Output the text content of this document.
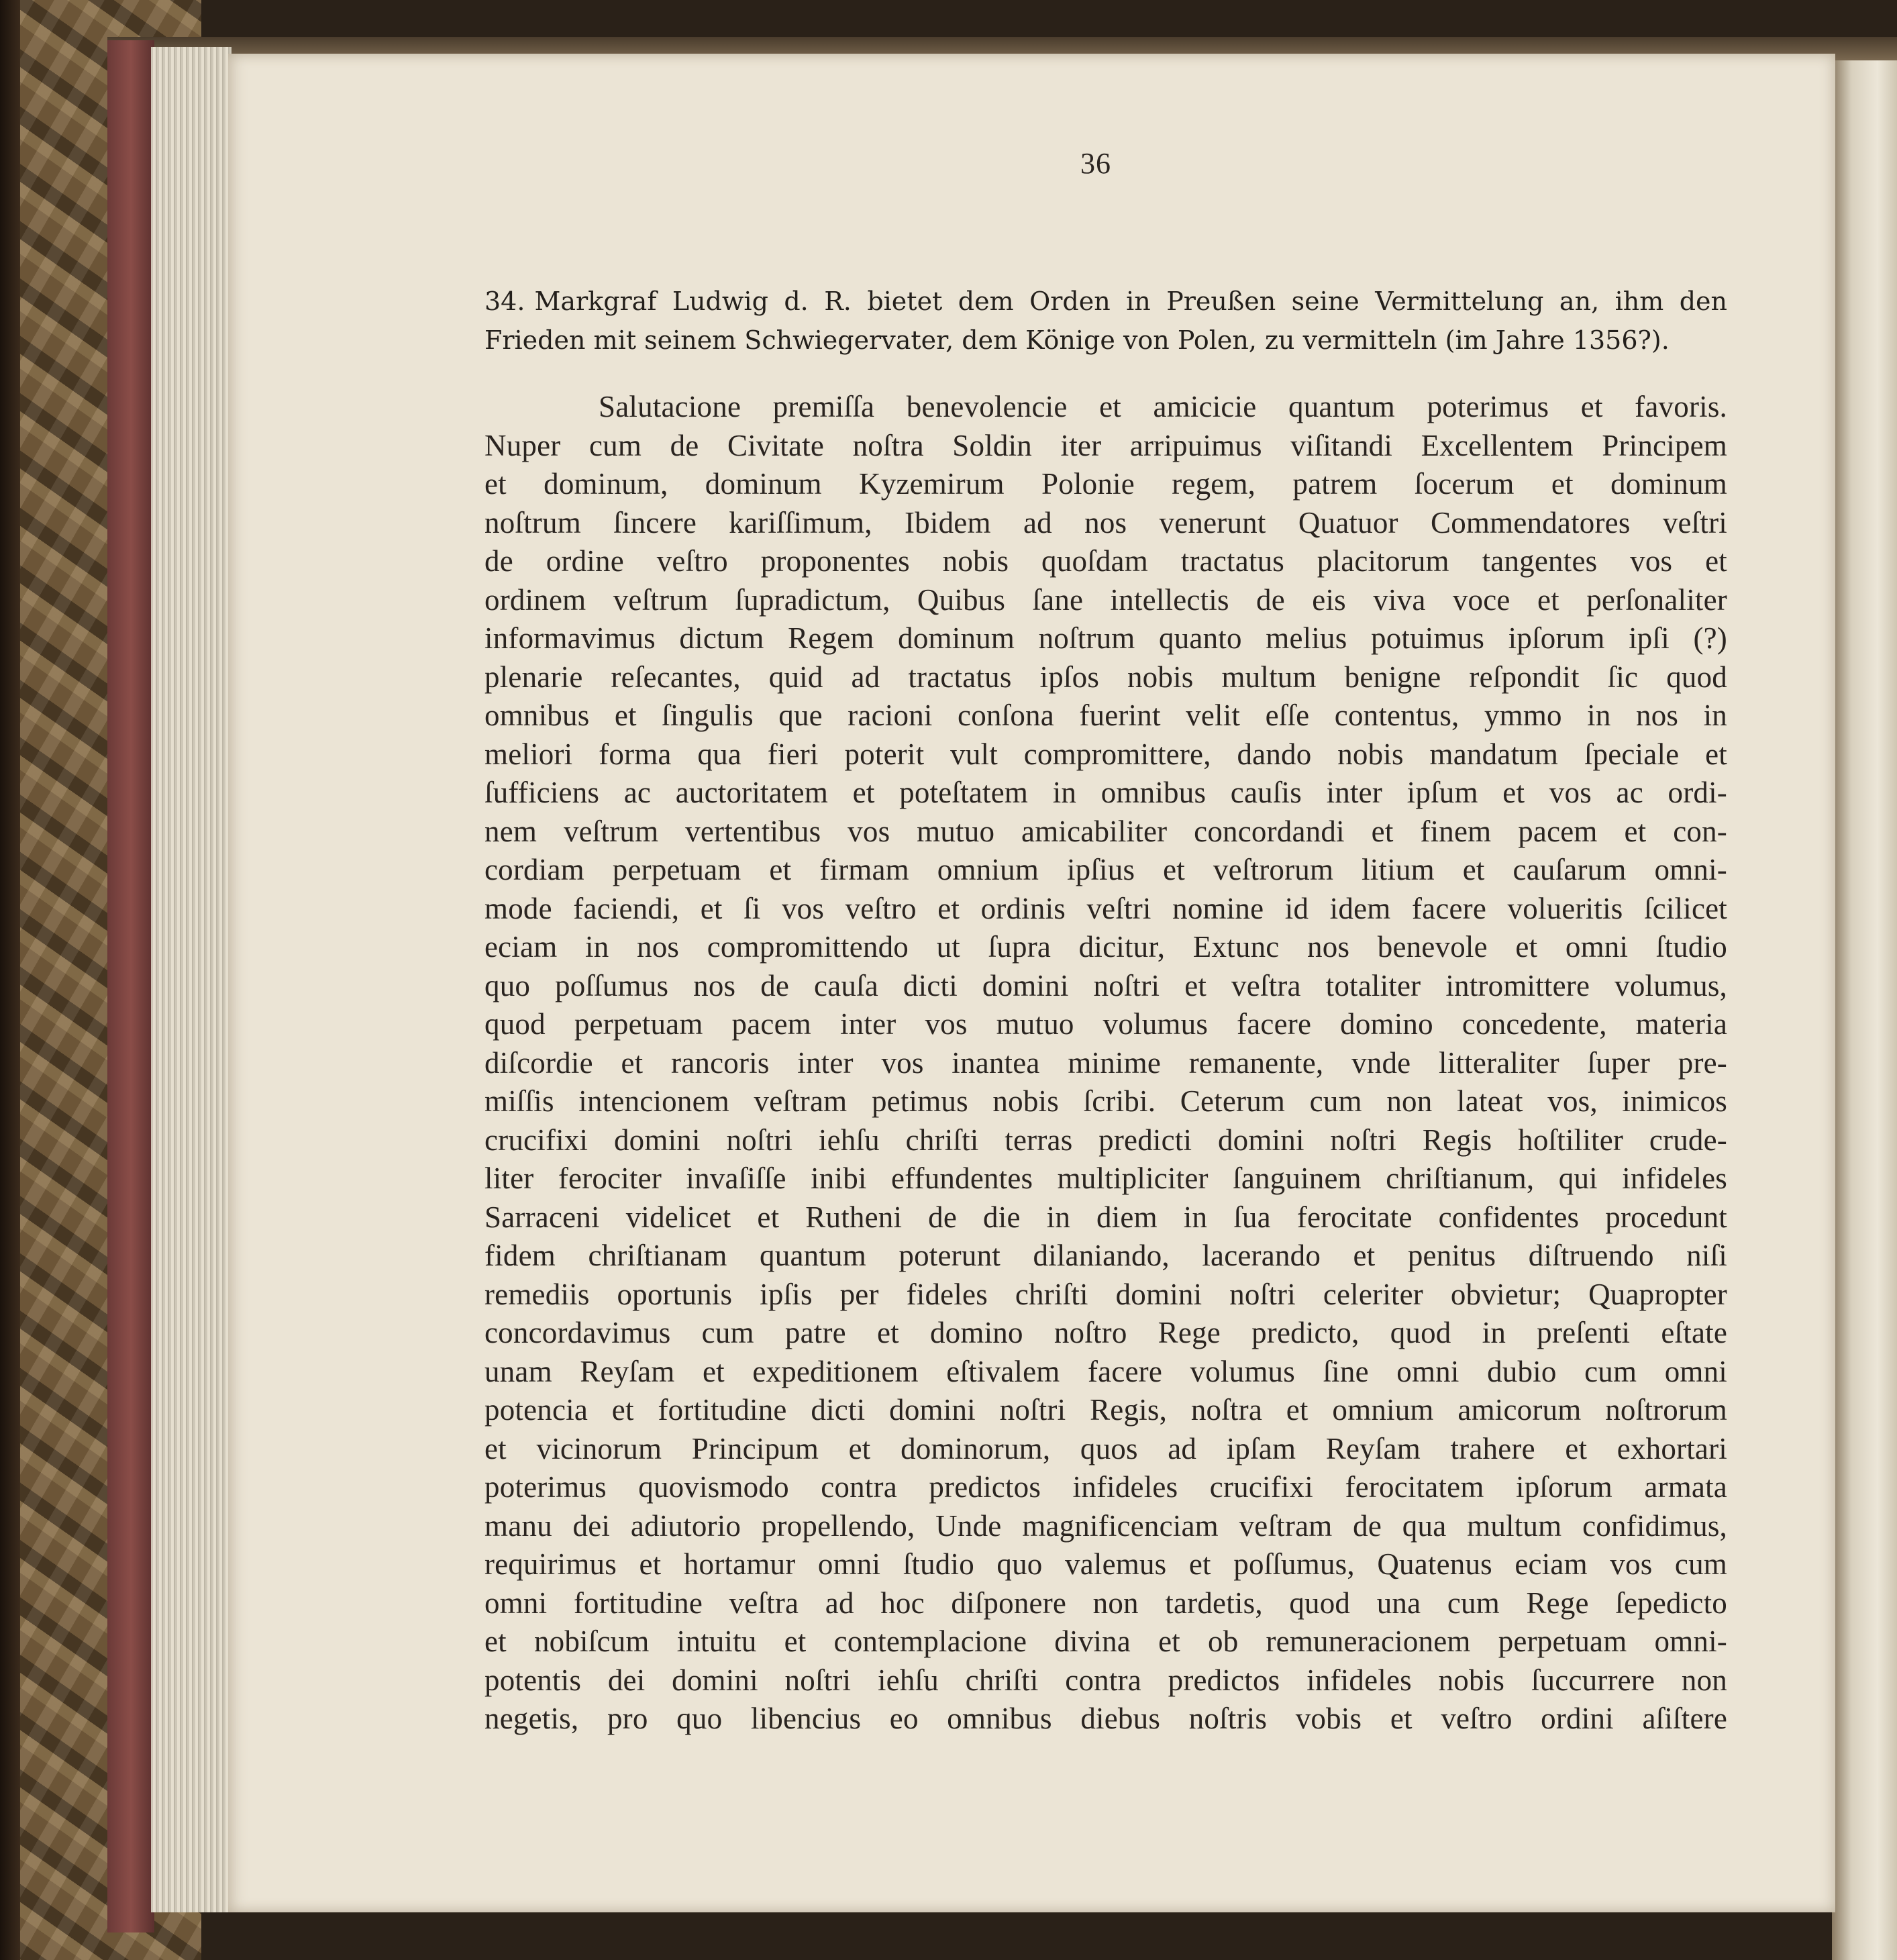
36
34. Markgraf Ludwig d. R. bietet dem Orden in Preußen seine Vermittelung an, ihm den Frieden mit seinem Schwiegervater, dem Könige von Polen, zu vermitteln (im Jahre 1356?).
Salutacione premiſſa benevolencie et amicicie quantum poterimus et favoris.
Nuper cum de Civitate noſtra Soldin iter arripuimus viſitandi Excellentem Principem
et dominum, dominum Kyzemirum Polonie regem, patrem ſocerum et dominum
noſtrum ſincere kariſſimum, Ibidem ad nos venerunt Quatuor Commendatores veſtri
de ordine veſtro proponentes nobis quoſdam tractatus placitorum tangentes vos et
ordinem veſtrum ſupradictum, Quibus ſane intellectis de eis viva voce et perſonaliter
informavimus dictum Regem dominum noſtrum quanto melius potuimus ipſorum ipſi (?)
plenarie reſecantes, quid ad tractatus ipſos nobis multum benigne reſpondit ſic quod
omnibus et ſingulis que racioni conſona fuerint velit eſſe contentus, ymmo in nos in
meliori forma qua fieri poterit vult compromittere, dando nobis mandatum ſpeciale et
ſufficiens ac auctoritatem et poteſtatem in omnibus cauſis inter ipſum et vos ac ordi-
nem veſtrum vertentibus vos mutuo amicabiliter concordandi et finem pacem et con-
cordiam perpetuam et firmam omnium ipſius et veſtrorum litium et cauſarum omni-
mode faciendi, et ſi vos veſtro et ordinis veſtri nomine id idem facere volueritis ſcilicet
eciam in nos compromittendo ut ſupra dicitur, Extunc nos benevole et omni ſtudio
quo poſſumus nos de cauſa dicti domini noſtri et veſtra totaliter intromittere volumus,
quod perpetuam pacem inter vos mutuo volumus facere domino concedente, materia
diſcordie et rancoris inter vos inantea minime remanente, vnde litteraliter ſuper pre-
miſſis intencionem veſtram petimus nobis ſcribi. Ceterum cum non lateat vos, inimicos
crucifixi domini noſtri iehſu chriſti terras predicti domini noſtri Regis hoſtiliter crude-
liter ferociter invaſiſſe inibi effundentes multipliciter ſanguinem chriſtianum, qui infideles
Sarraceni videlicet et Rutheni de die in diem in ſua ferocitate confidentes procedunt
fidem chriſtianam quantum poterunt dilaniando, lacerando et penitus diſtruendo niſi
remediis oportunis ipſis per fideles chriſti domini noſtri celeriter obvietur; Quapropter
concordavimus cum patre et domino noſtro Rege predicto, quod in preſenti eſtate
unam Reyſam et expeditionem eſtivalem facere volumus ſine omni dubio cum omni
potencia et fortitudine dicti domini noſtri Regis, noſtra et omnium amicorum noſtrorum
et vicinorum Principum et dominorum, quos ad ipſam Reyſam trahere et exhortari
poterimus quovismodo contra predictos infideles crucifixi ferocitatem ipſorum armata
manu dei adiutorio propellendo, Unde magnificenciam veſtram de qua multum confidimus,
requirimus et hortamur omni ſtudio quo valemus et poſſumus, Quatenus eciam vos cum
omni fortitudine veſtra ad hoc diſponere non tardetis, quod una cum Rege ſepedicto
et nobiſcum intuitu et contemplacione divina et ob remuneracionem perpetuam omni-
potentis dei domini noſtri iehſu chriſti contra predictos infideles nobis ſuccurrere non
negetis, pro quo libencius eo omnibus diebus noſtris vobis et veſtro ordini aſiſtere
